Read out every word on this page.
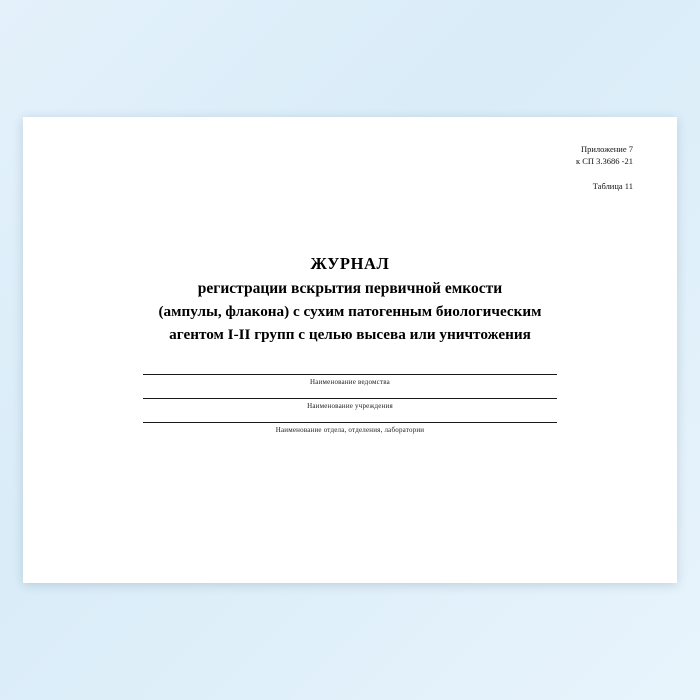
Приложение 7
к СП 3.3686 -21
Таблица 11
ЖУРНАЛ
регистрации вскрытия первичной емкости
(ампулы, флакона) с сухим патогенным биологическим
агентом I-II групп с целью высева или уничтожения
Наименование ведомства
Наименование учреждения
Наименование отдела, отделения, лаборатории
